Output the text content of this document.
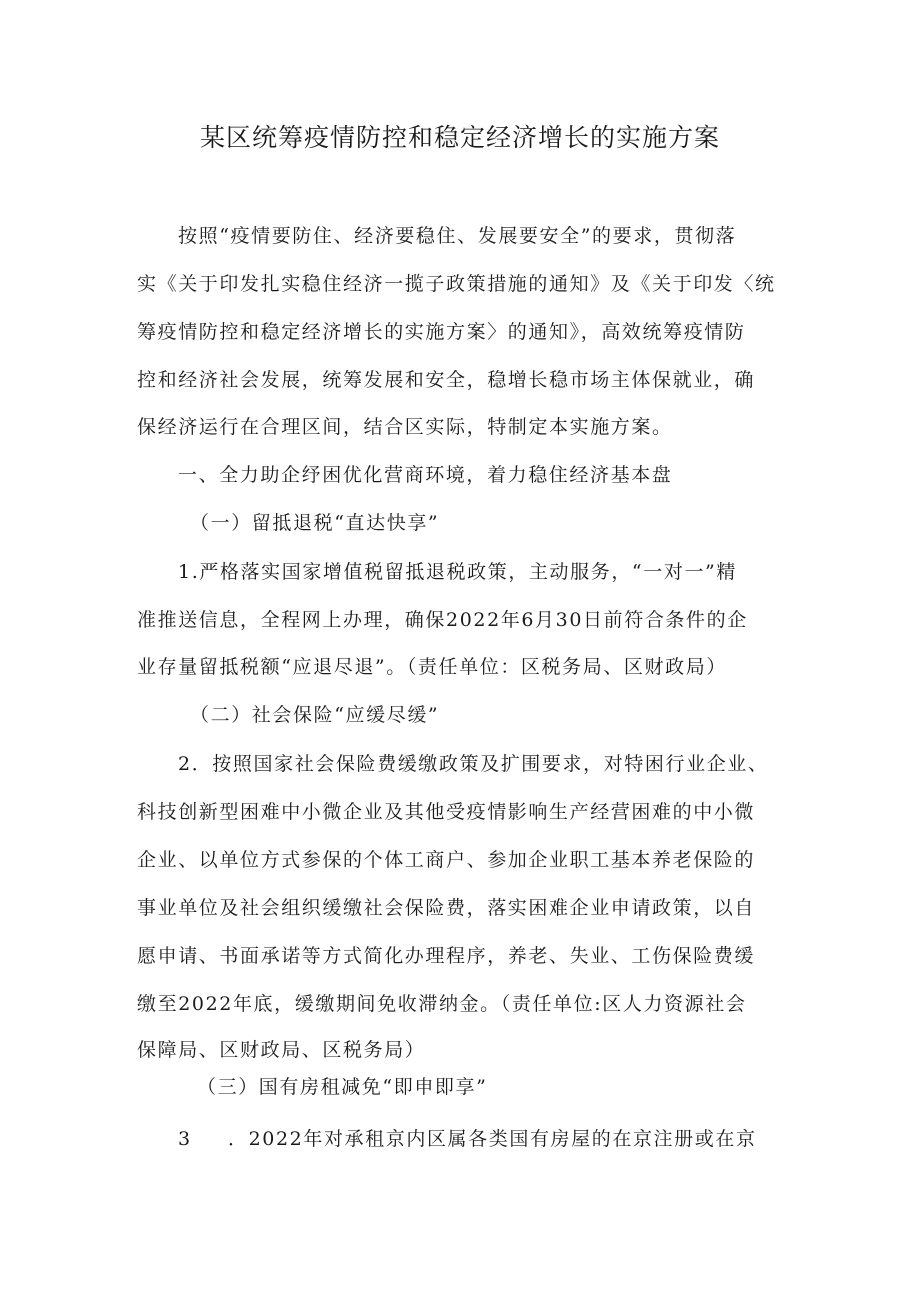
某区统筹疫情防控和稳定经济增长的实施方案
按照“疫情要防住、经济要稳住、发展要安全”的要求，贯彻落
实《关于印发扎实稳住经济一揽子政策措施的通知》及《关于印发〈统
筹疫情防控和稳定经济增长的实施方案〉的通知》，高效统筹疫情防
控和经济社会发展，统筹发展和安全，稳增长稳市场主体保就业，确
保经济运行在合理区间，结合区实际，特制定本实施方案。
一、全力助企纾困优化营商环境，着力稳住经济基本盘
（一）留抵退税“直达快享”
1.严格落实国家增值税留抵退税政策，主动服务，“一对一”精
准推送信息，全程网上办理，确保2022年6月30日前符合条件的企
业存量留抵税额“应退尽退”。（责任单位：区税务局、区财政局）
（二）社会保险“应缓尽缓”
2．按照国家社会保险费缓缴政策及扩围要求，对特困行业企业、
科技创新型困难中小微企业及其他受疫情影响生产经营困难的中小微
企业、以单位方式参保的个体工商户、参加企业职工基本养老保险的
事业单位及社会组织缓缴社会保险费，落实困难企业申请政策，以自
愿申请、书面承诺等方式简化办理程序，养老、失业、工伤保险费缓
缴至2022年底，缓缴期间免收滞纳金。（责任单位:区人力资源社会
保障局、区财政局、区税务局）
（三）国有房租减免“即申即享”
3 ．2022年对承租京内区属各类国有房屋的在京注册或在京
